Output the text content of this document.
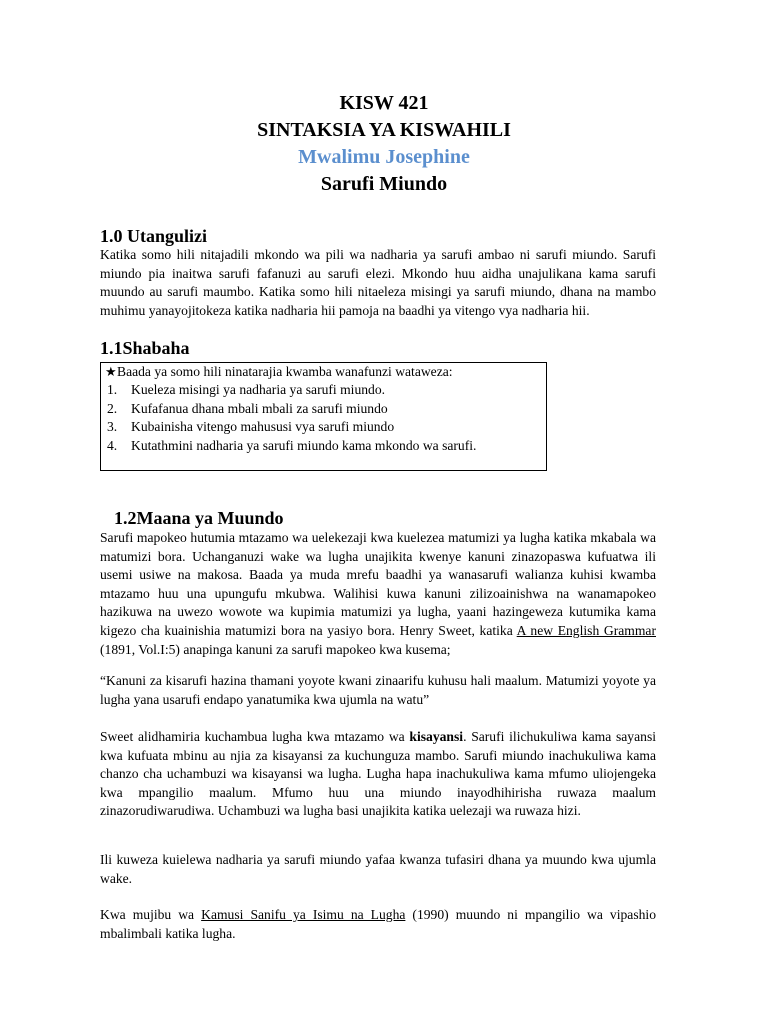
KISW 421
SINTAKSIA YA KISWAHILI
Mwalimu Josephine
Sarufi Miundo
1.0 Utangulizi

Katika somo hili nitajadili mkondo wa pili wa nadharia ya sarufi ambao ni sarufi miundo. Sarufi miundo pia inaitwa sarufi fafanuzi au sarufi elezi. Mkondo huu aidha unajulikana kama sarufi muundo au sarufi maumbo. Katika somo hili nitaeleza misingi ya sarufi miundo, dhana na mambo muhimu yanayojitokeza katika nadharia hii pamoja na baadhi ya vitengo vya nadharia hii.

1.1Shabaha
★Baada ya somo hili ninatarajia kwamba wanafunzi wataweza:
1. Kueleza misingi ya nadharia ya sarufi miundo.
2. Kufafanua dhana mbali mbali za sarufi miundo
3. Kubainisha vitengo mahususi vya sarufi miundo
4. Kutathmini nadharia ya sarufi miundo kama mkondo wa sarufi.
1.2Maana ya Muundo

Sarufi mapokeo hutumia mtazamo wa uelekezaji kwa kuelezea matumizi ya lugha katika mkabala wa matumizi bora. Uchanganuzi wake wa lugha unajikita kwenye kanuni zinazopaswa kufuatwa ili usemi usiwe na makosa. Baada ya muda mrefu baadhi ya wanasarufi walianza kuhisi kwamba mtazamo huu una upungufu mkubwa. Walihisi kuwa kanuni zilizoainishwa na wanamapokeo hazikuwa na uwezo wowote wa kupimia matumizi ya lugha, yaani hazingeweza kutumika kama kigezo cha kuainishia matumizi bora na yasiyo bora. Henry Sweet, katika A new English Grammar (1891, Vol.I:5) anapinga kanuni za sarufi mapokeo kwa kusema;

“Kanuni za kisarufi hazina thamani yoyote kwani zinaarifu kuhusu hali maalum. Matumizi yoyote ya lugha yana usarufi endapo yanatumika kwa ujumla na watu”

Sweet alidhamiria kuchambua lugha kwa mtazamo wa kisayansi. Sarufi ilichukuliwa kama sayansi kwa kufuata mbinu au njia za kisayansi za kuchunguza mambo. Sarufi miundo inachukuliwa kama chanzo cha uchambuzi wa kisayansi wa lugha. Lugha hapa inachukuliwa kama mfumo uliojengeka kwa mpangilio maalum. Mfumo huu una miundo inayodhihirisha ruwaza maalum zinazorudiwarudiwa. Uchambuzi wa lugha basi unajikita katika uelezaji wa ruwaza hizi.

Ili kuweza kuielewa nadharia ya sarufi miundo yafaa kwanza tufasiri dhana ya muundo kwa ujumla wake.

Kwa mujibu wa Kamusi Sanifu ya Isimu na Lugha (1990) muundo ni mpangilio wa vipashio mbalimbali katika lugha.
